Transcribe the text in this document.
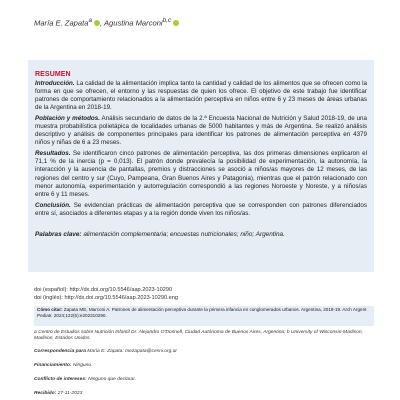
María E. Zapata$^a$ , Agustina Marconi$^{b,c}$
RESUMEN

Introducción. La calidad de la alimentación implica tanto la cantidad y calidad de los alimentos que se ofrecen como la forma en que se ofrecen, el entorno y las respuestas de quien los ofrece. El objetivo de este trabajo fue identificar patrones de comportamiento relacionados a la alimentación perceptiva en niños entre 6 y 23 meses de áreas urbanas de la Argentina en 2018-19.

Población y métodos. Análisis secundario de datos de la 2.ª Encuesta Nacional de Nutrición y Salud 2018-19, de una muestra probabilística polietápica de localidades urbanas de 5000 habitantes y más de Argentina. Se realizó análisis descriptivo y análisis de componentes principales para identificar los patrones de alimentación perceptiva en 4379 niños y niñas de 6 a 23 meses.

Resultados. Se identificaron cinco patrones de alimentación perceptiva, las dos primeras dimensiones explicaron el 71,1 % de la inercia (p = 0,013). El patrón donde prevalecía la posibilidad de experimentación, la autonomía, la interacción y la ausencia de pantallas, premios y distracciones se asoció a niños/as mayores de 12 meses, de las regiones del centro y sur (Cuyo, Pampeana, Gran Buenos Aires y Patagonia), mientras que el patrón relacionado con menor autonomía, experimentación y autorregulación correspondió a las regiones Noroeste y Noreste, y a niños/as entre 6 y 11 meses.

Conclusión. Se evidencian prácticas de alimentación perceptiva que se corresponden con patrones diferenciados entre sí, asociados a diferentes etapas y a la región donde viven los niños/as.

Palabras clave: alimentación complementaria; encuestas nutricionales; niño; Argentina.
doi (español): http://dx.doi.org/10.5546/aap.2023-10290
doi (inglés): http://dx.doi.org/10.5546/aap.2023-10290.eng
Cómo citar: Zapata ME, Marconi A. Patrones de alimentación perceptiva durante la primera infancia en conglomerados urbanos. Argentina, 2018-19. Arch Argent Pediatr. 2024;122(5):e202310290.
a Centro de Estudios sobre Nutrición Infantil Dr. Alejandro O'Donnell, Ciudad Autónoma de Buenos Aires, Argentina; b University of Wisconsin-Madison, Madison, Estados Unidos.
Correspondencia para María E. Zapata: mezapata@cesni.org.ar
Financiamiento: Ninguno.
Conflicto de intereses: Ninguno que declarar.
Recibido: 27-11-2023
